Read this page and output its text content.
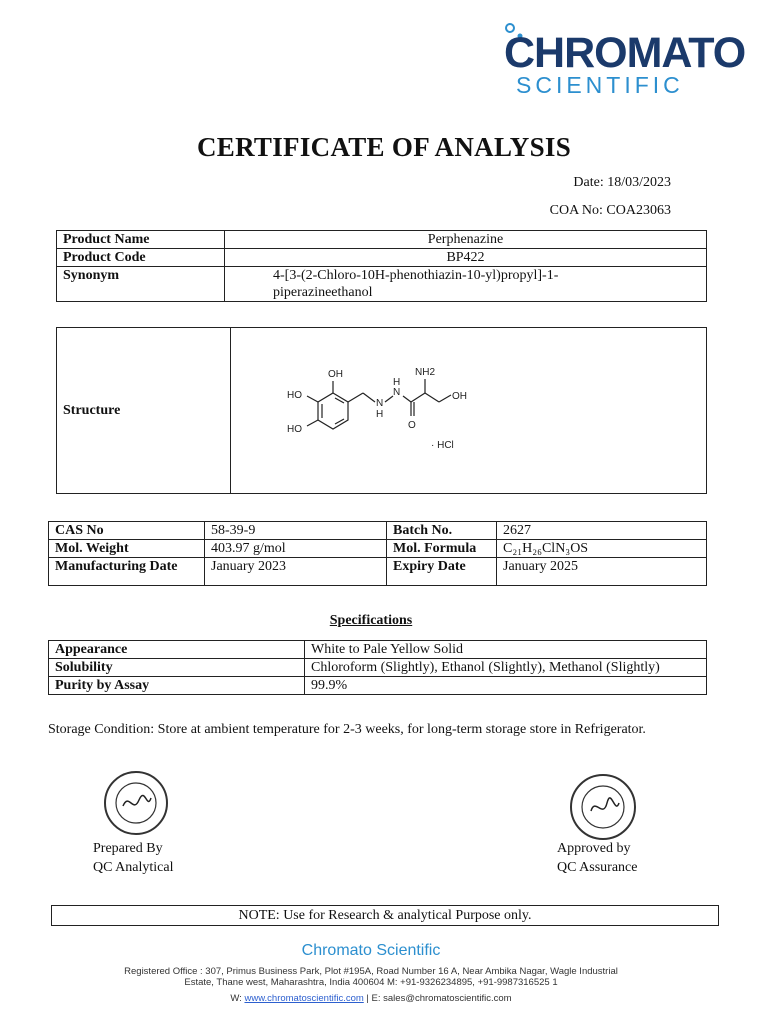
CHROMATO
SCIENTIFIC
CERTIFICATE OF ANALYSIS
Date: 18/03/2023
COA No: COA23063
Product Name	Perphenazine
Product Code	BP422
Synonym	4-[3-(2-Chloro-10H-phenothiazin-10-yl)propyl]-1-
piperazineethanol
Structure	
OH
HO
HO
N
H
N
H
O
NH2
OH
· HCl
CAS No	58-39-9	Batch No.	2627
Mol. Weight	403.97 g/mol	Mol. Formula	C₂₁H₂₆ClN₃OS
Manufacturing Date	January 2023	Expiry Date	January 2025
Specifications
Appearance	White to Pale Yellow Solid
Solubility	Chloroform (Slightly), Ethanol (Slightly), Methanol (Slightly)
Purity by Assay	99.9%
Storage Condition: Store at ambient temperature for 2-3 weeks, for long-term storage store in Refrigerator.
Prepared By
QC Analytical
Approved by
QC Assurance
NOTE: Use for Research & analytical Purpose only.
Chromato Scientific
Registered Office : 307, Primus Business Park, Plot #195A, Road Number 16 A, Near Ambika Nagar, Wagle Industrial
Estate, Thane west, Maharashtra, India 400604 M: +91-9326234895, +91-9987316525 1
W: www.chromatoscientific.com | E: sales@chromatoscientific.com
